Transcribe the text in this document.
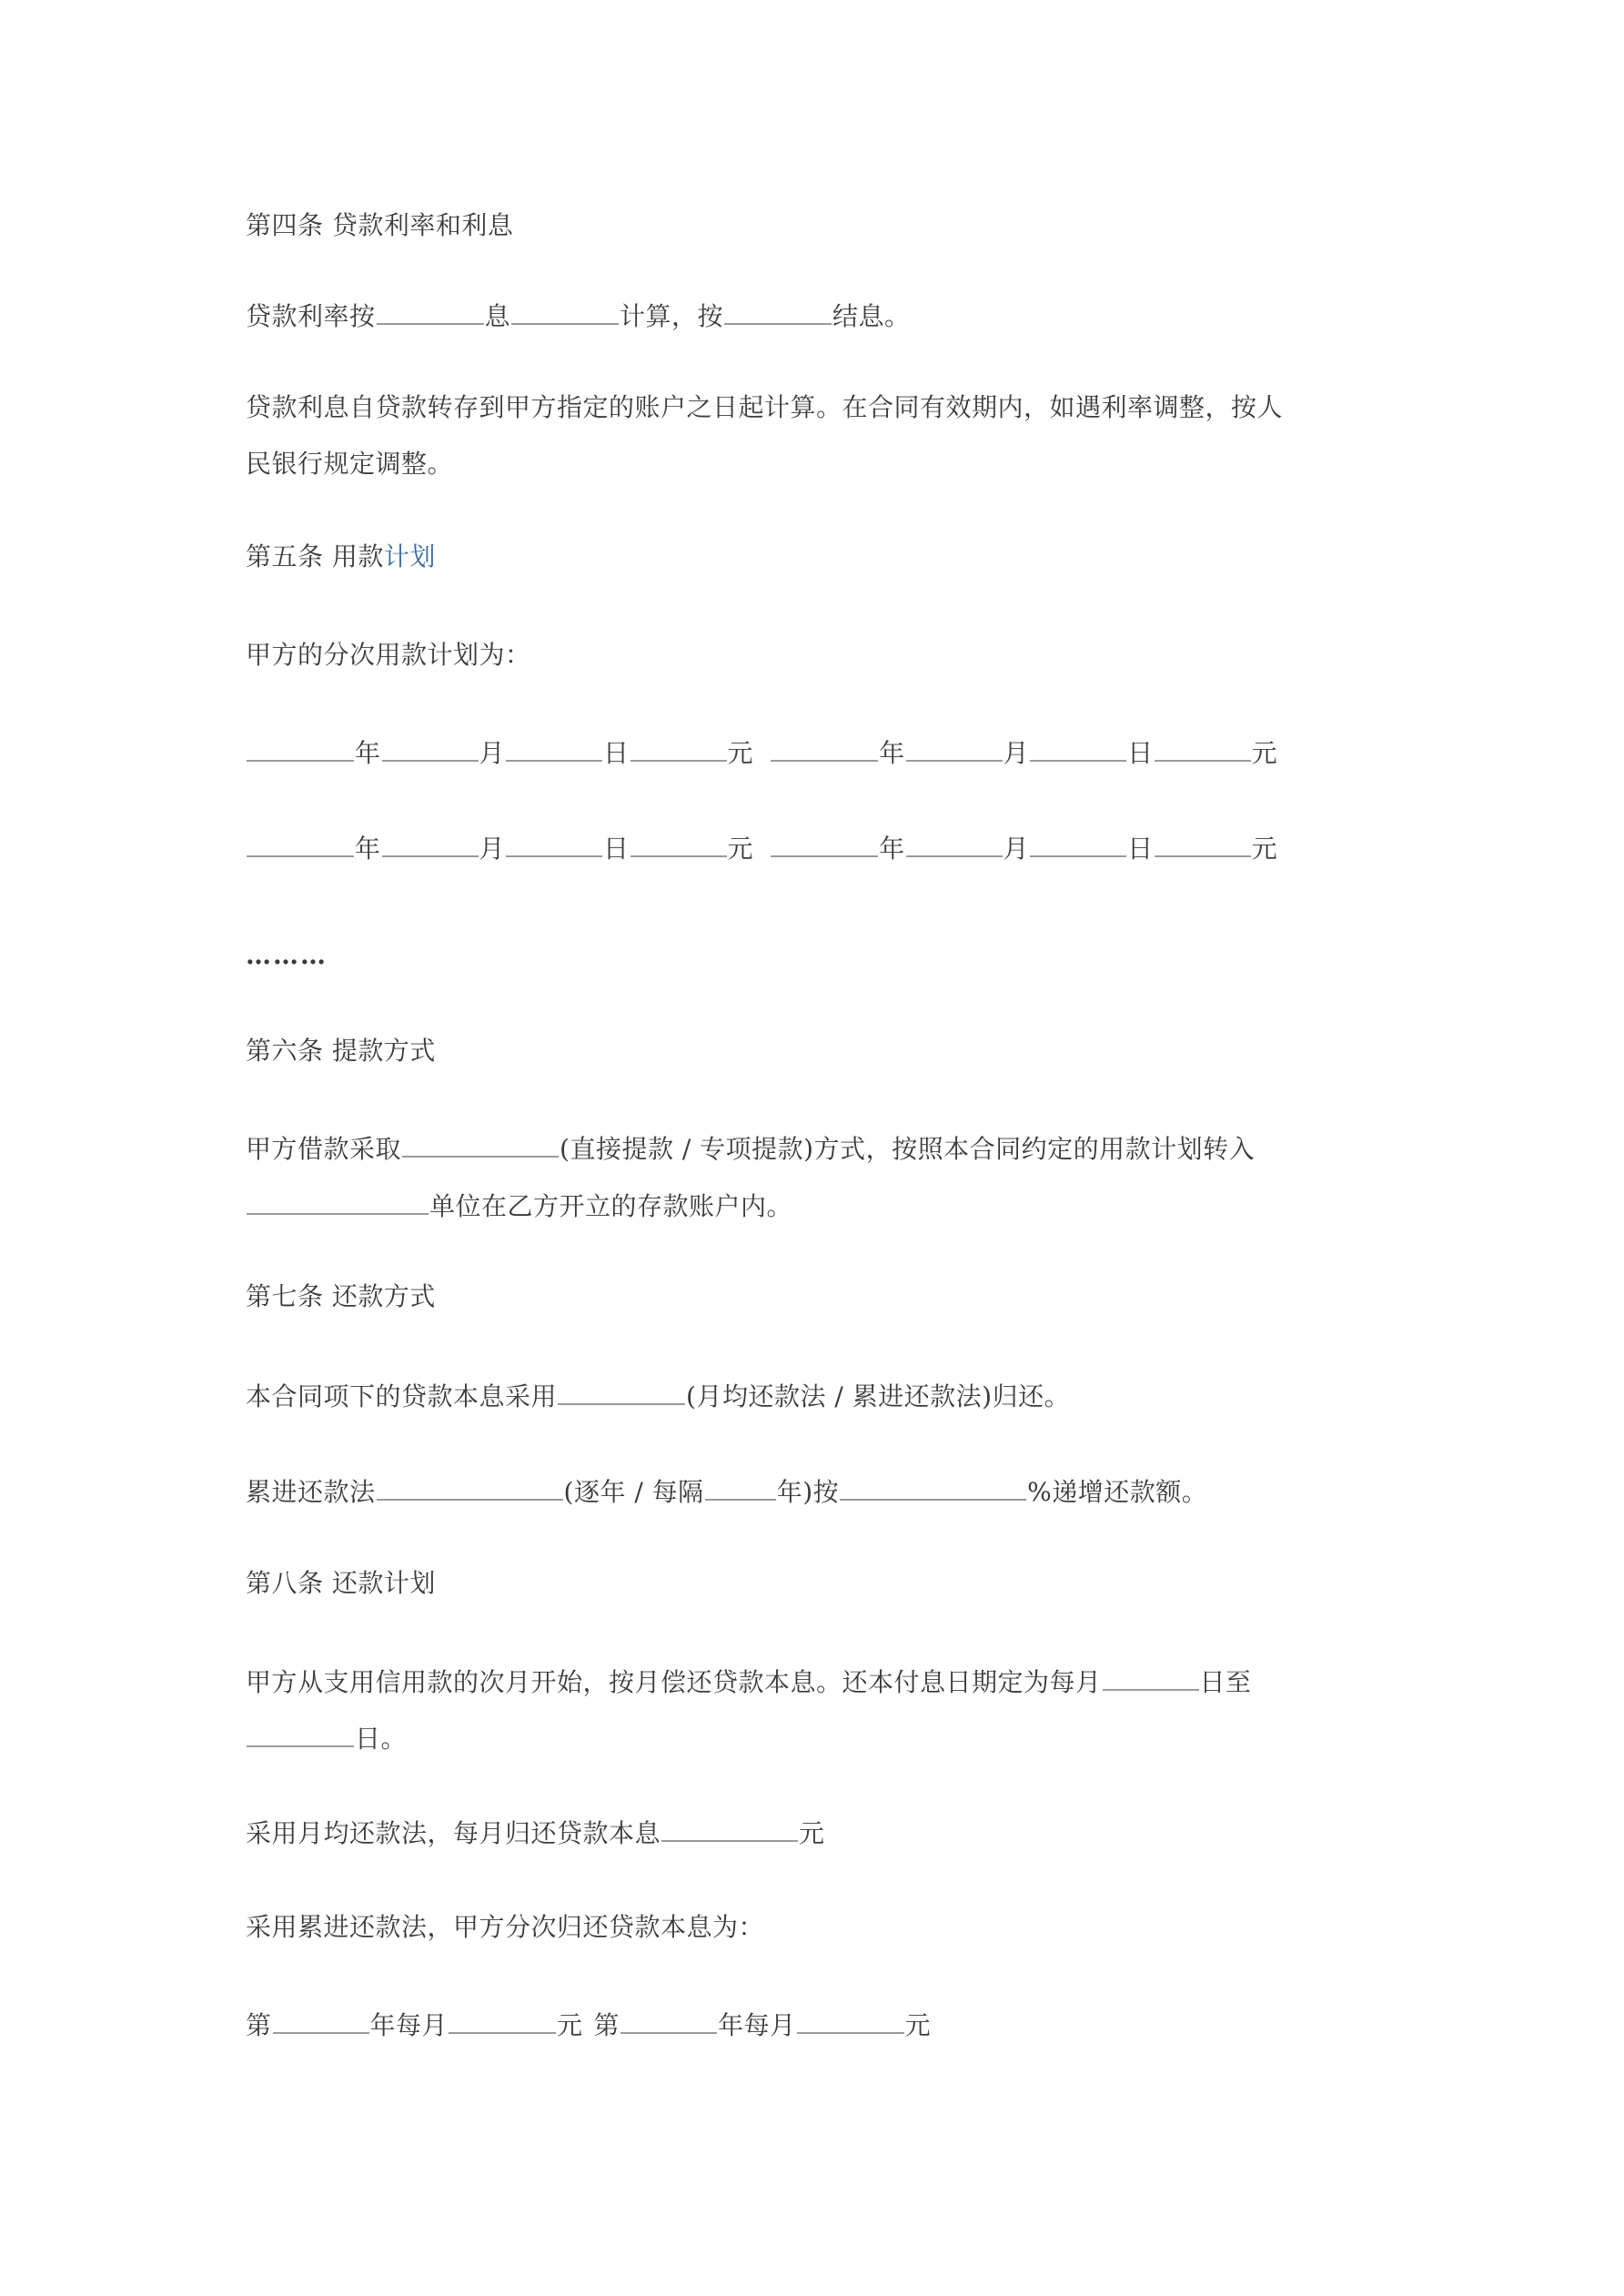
第四条 贷款利率和利息
贷款利率按	息	计算，按	结息。
贷款利息自贷款转存到甲方指定的账户之日起计算。在合同有效期内，如遇利率调整，按人
民银行规定调整。
第五条 用款计划
甲方的分次用款计划为：
年	月	日	元	年	月	日	元
年	月	日	元	年	月	日	元
………
第六条 提款方式
甲方借款采取	(直接提款 / 专项提款)方式，按照本合同约定的用款计划转入
单位在乙方开立的存款账户内。
第七条 还款方式
本合同项下的贷款本息采用	(月均还款法 / 累进还款法)归还。
累进还款法	(逐年 / 每隔	年)按	%递增还款额。
第八条 还款计划
甲方从支用信用款的次月开始，按月偿还贷款本息。还本付息日期定为每月	日至
日。
采用月均还款法，每月归还贷款本息	元
采用累进还款法，甲方分次归还贷款本息为：
第	年每月	元 第	年每月	元
